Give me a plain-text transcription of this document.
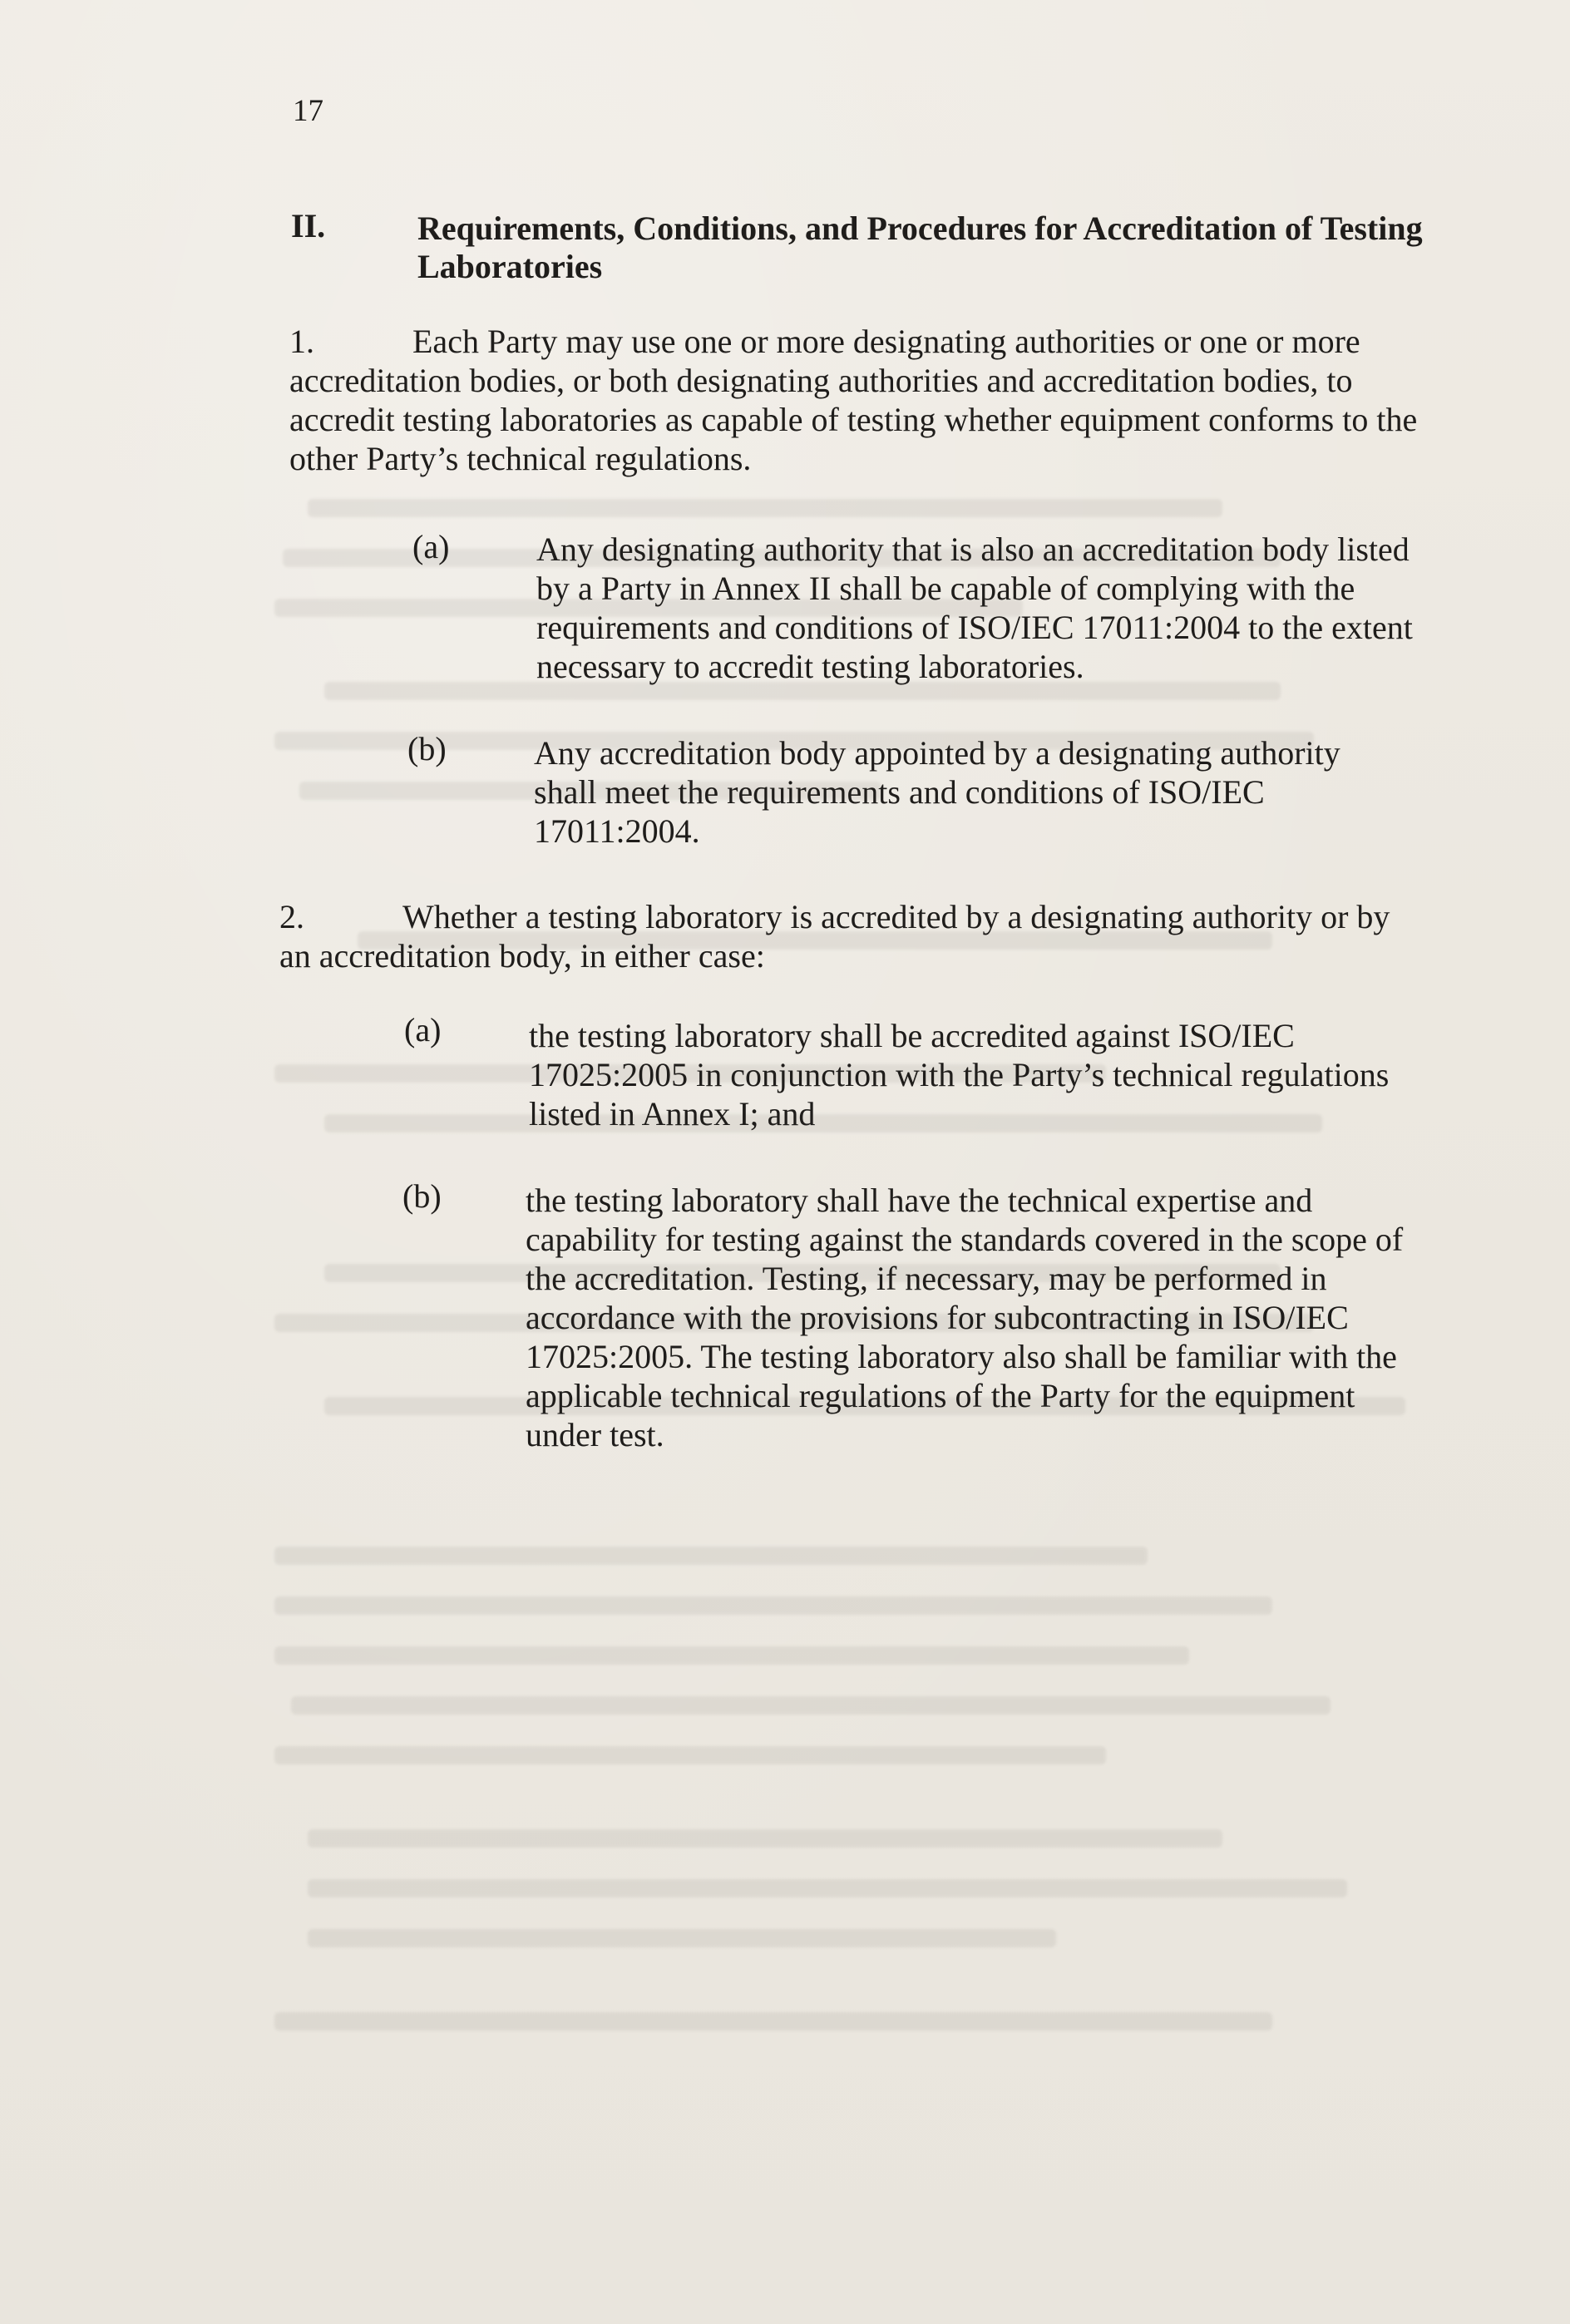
17
II.	Requirements, Conditions, and Procedures for Accreditation of Testing Laboratories
1.	Each Party may use one or more designating authorities or one or more accreditation bodies, or both designating authorities and accreditation bodies, to accredit testing laboratories as capable of testing whether equipment conforms to the other Party’s technical regulations.
(a)	Any designating authority that is also an accreditation body listed by a Party in Annex II shall be capable of complying with the requirements and conditions of ISO/IEC 17011:2004 to the extent necessary to accredit testing laboratories.
(b)	Any accreditation body appointed by a designating authority shall meet the requirements and conditions of ISO/IEC 17011:2004.
2.	Whether a testing laboratory is accredited by a designating authority or by an accreditation body, in either case:
(a)	the testing laboratory shall be accredited against ISO/IEC 17025:2005 in conjunction with the Party’s technical regulations listed in Annex I; and
(b)	the testing laboratory shall have the technical expertise and capability for testing against the standards covered in the scope of the accreditation. Testing, if necessary, may be performed in accordance with the provisions for subcontracting in ISO/IEC 17025:2005. The testing laboratory also shall be familiar with the applicable technical regulations of the Party for the equipment under test.
